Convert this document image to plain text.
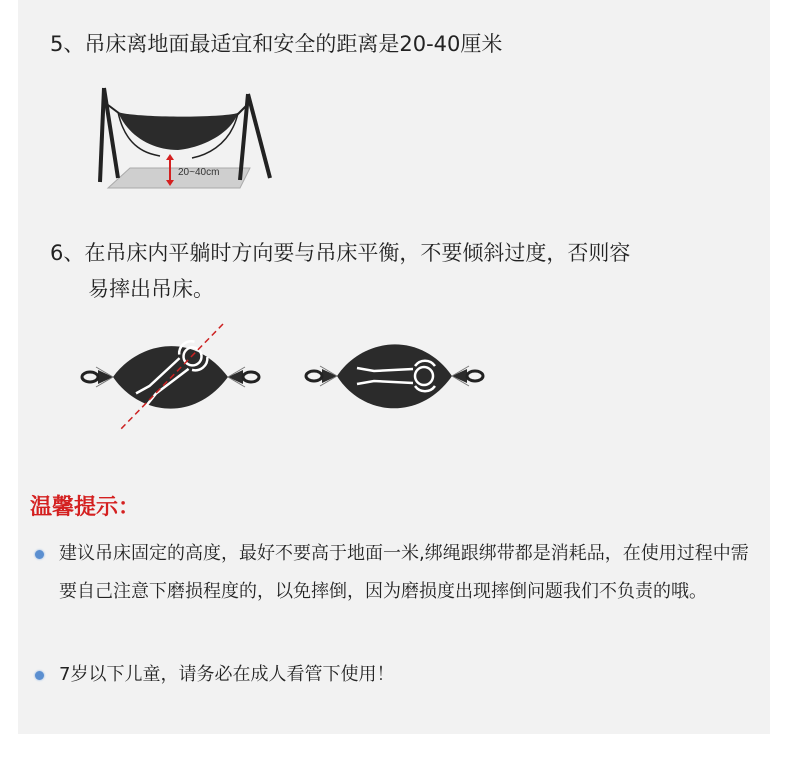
5、吊床离地面最适宜和安全的距离是20-40厘米
20~40cm
6、在吊床内平躺时方向要与吊床平衡，不要倾斜过度，否则容
易摔出吊床。
温馨提示：
建议吊床固定的高度，最好不要高于地面一米,绑绳跟绑带都是消耗品，在使用过程中需要自己注意下磨损程度的，以免摔倒，因为磨损度出现摔倒问题我们不负责的哦。
7岁以下儿童，请务必在成人看管下使用！
